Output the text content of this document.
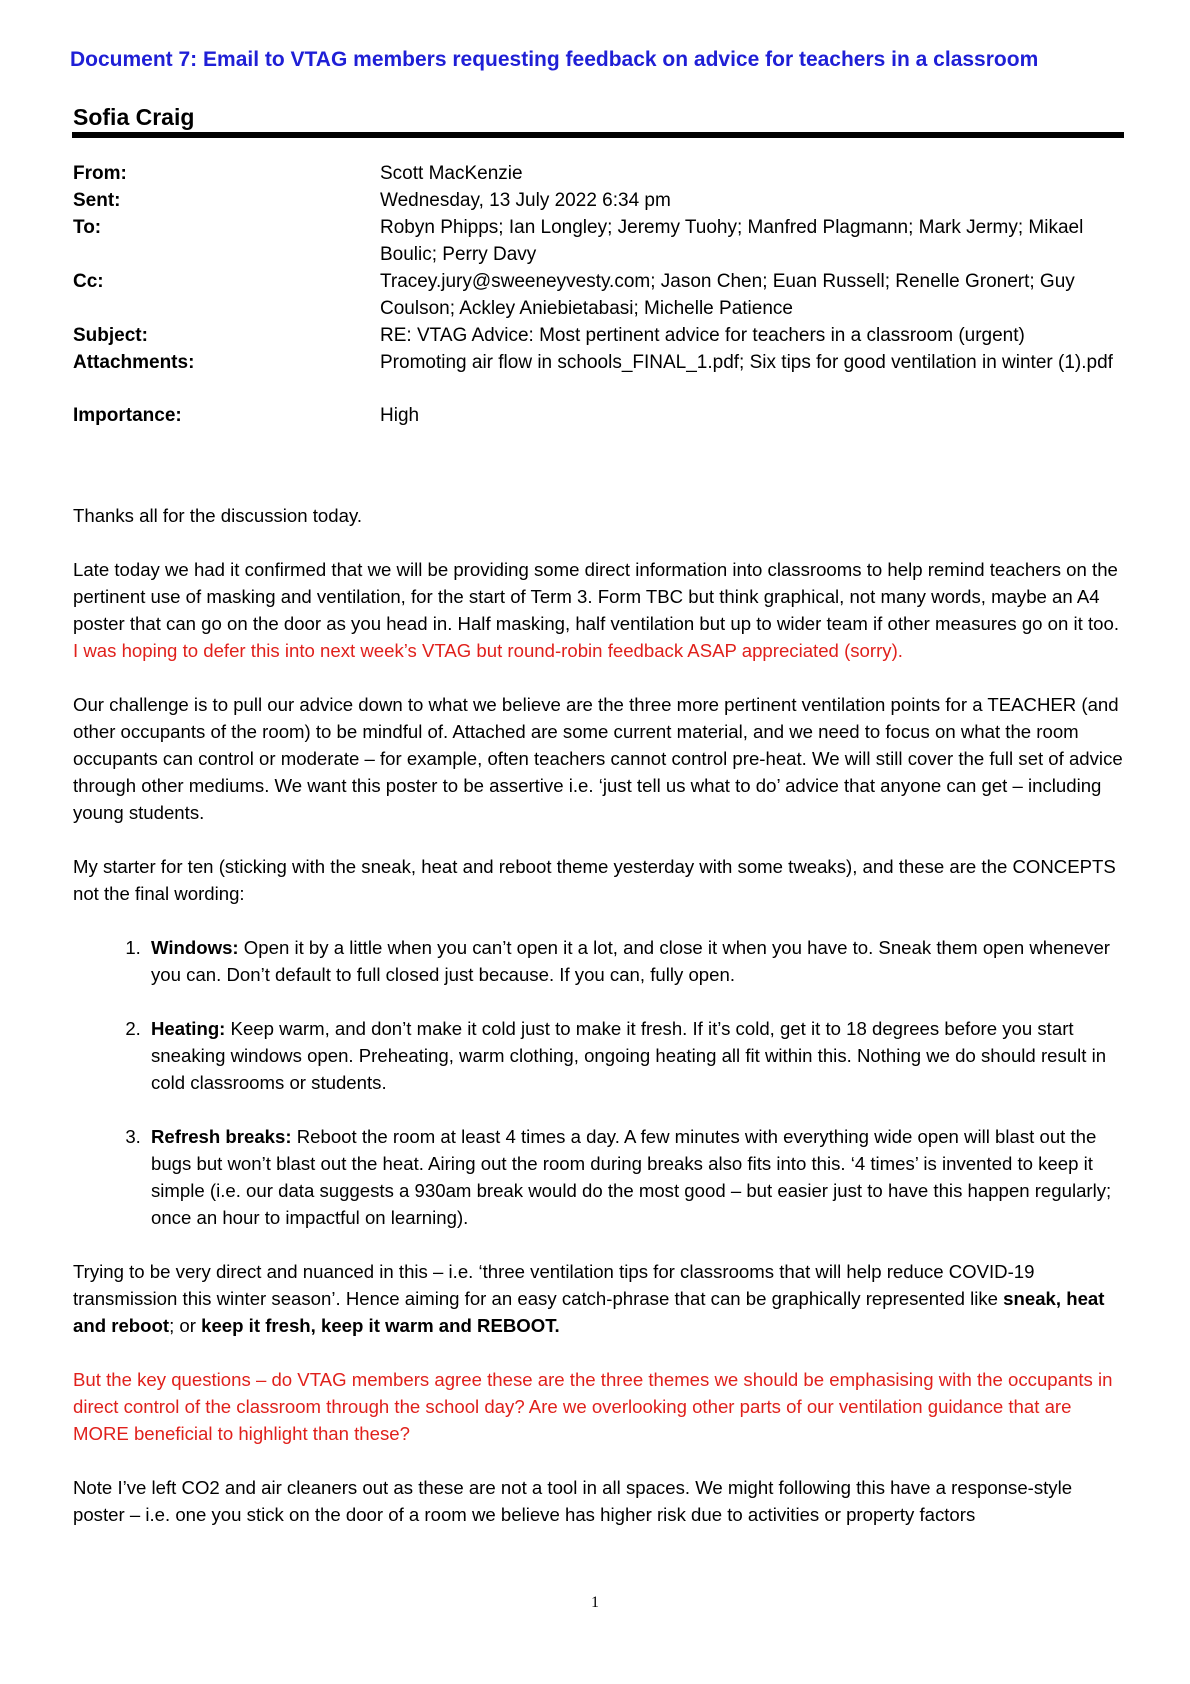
Document 7: Email to VTAG members requesting feedback on advice for teachers in a classroom
Sofia Craig
From:	Scott MacKenzie
Sent:	Wednesday, 13 July 2022 6:34 pm
To:	Robyn Phipps; Ian Longley; Jeremy Tuohy; Manfred Plagmann; Mark Jermy; Mikael Boulic; Perry Davy
Cc:	Tracey.jury@sweeneyvesty.com; Jason Chen; Euan Russell; Renelle Gronert; Guy Coulson; Ackley Aniebietabasi; Michelle Patience
Subject:	RE: VTAG Advice: Most pertinent advice for teachers in a classroom (urgent)
Attachments:	Promoting air flow in schools_FINAL_1.pdf; Six tips for good ventilation in winter (1).pdf
Importance:	High

Thanks all for the discussion today.

Late today we had it confirmed that we will be providing some direct information into classrooms to help remind teachers on the pertinent use of masking and ventilation, for the start of Term 3. Form TBC but think graphical, not many words, maybe an A4 poster that can go on the door as you head in. Half masking, half ventilation but up to wider team if other measures go on it too. I was hoping to defer this into next week’s VTAG but round-robin feedback ASAP appreciated (sorry).

Our challenge is to pull our advice down to what we believe are the three more pertinent ventilation points for a TEACHER (and other occupants of the room) to be mindful of. Attached are some current material, and we need to focus on what the room occupants can control or moderate – for example, often teachers cannot control pre-heat. We will still cover the full set of advice through other mediums. We want this poster to be assertive i.e. ‘just tell us what to do’ advice that anyone can get – including young students.

My starter for ten (sticking with the sneak, heat and reboot theme yesterday with some tweaks), and these are the CONCEPTS not the final wording:

1. Windows: Open it by a little when you can’t open it a lot, and close it when you have to. Sneak them open whenever you can. Don’t default to full closed just because. If you can, fully open.
2. Heating: Keep warm, and don’t make it cold just to make it fresh. If it’s cold, get it to 18 degrees before you start sneaking windows open. Preheating, warm clothing, ongoing heating all fit within this. Nothing we do should result in cold classrooms or students.
3. Refresh breaks: Reboot the room at least 4 times a day. A few minutes with everything wide open will blast out the bugs but won’t blast out the heat. Airing out the room during breaks also fits into this. ‘4 times’ is invented to keep it simple (i.e. our data suggests a 930am break would do the most good – but easier just to have this happen regularly; once an hour to impactful on learning).

Trying to be very direct and nuanced in this – i.e. ‘three ventilation tips for classrooms that will help reduce COVID-19 transmission this winter season’. Hence aiming for an easy catch-phrase that can be graphically represented like sneak, heat and reboot; or keep it fresh, keep it warm and REBOOT.

But the key questions – do VTAG members agree these are the three themes we should be emphasising with the occupants in direct control of the classroom through the school day? Are we overlooking other parts of our ventilation guidance that are MORE beneficial to highlight than these?

Note I’ve left CO2 and air cleaners out as these are not a tool in all spaces. We might following this have a response-style poster – i.e. one you stick on the door of a room we believe has higher risk due to activities or property factors

1
